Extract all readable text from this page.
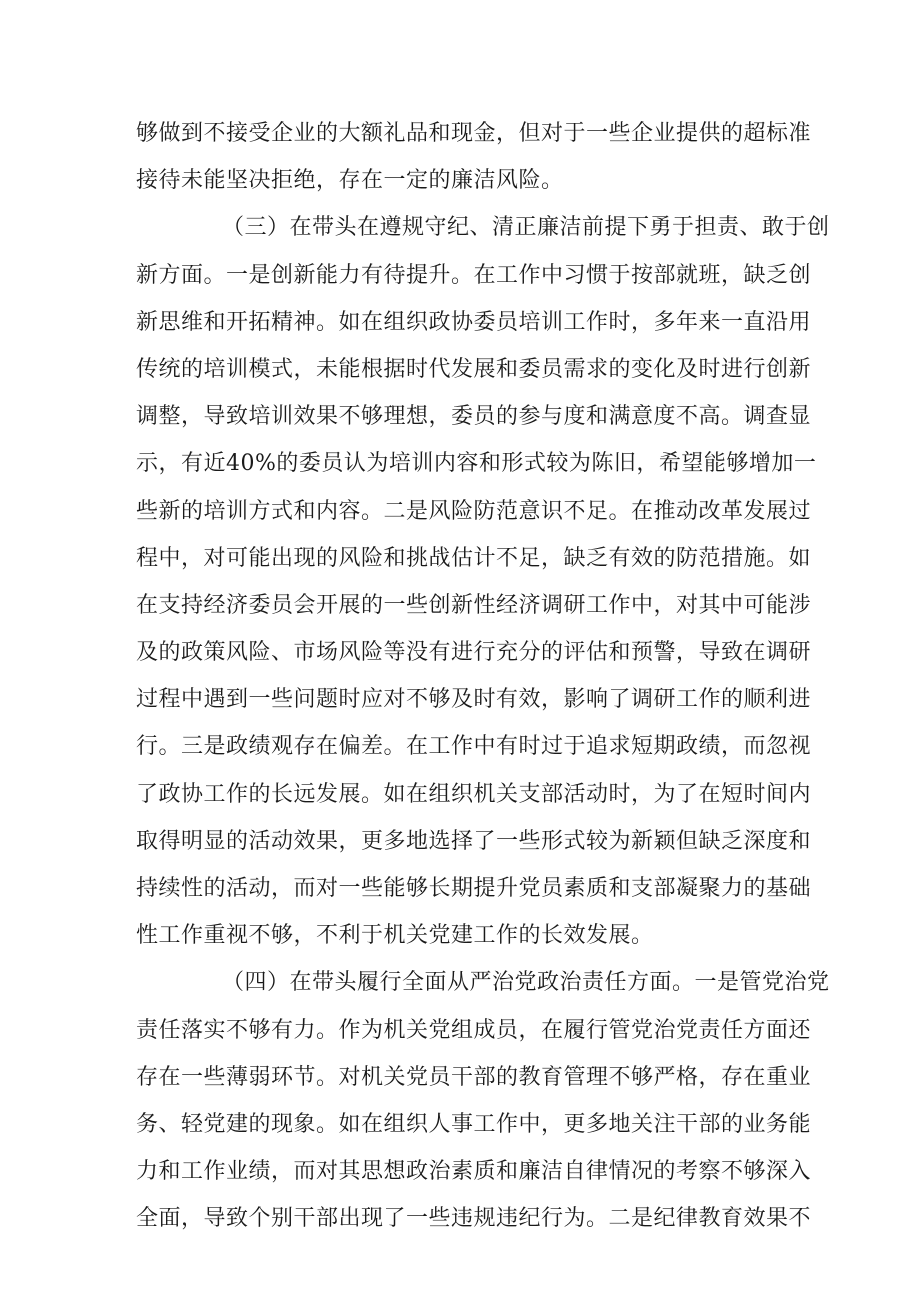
够做到不接受企业的大额礼品和现金，但对于一些企业提供的超标准
接待未能坚决拒绝，存在一定的廉洁风险。
（三）在带头在遵规守纪、清正廉洁前提下勇于担责、敢于创
新方面。一是创新能力有待提升。在工作中习惯于按部就班，缺乏创
新思维和开拓精神。如在组织政协委员培训工作时，多年来一直沿用
传统的培训模式，未能根据时代发展和委员需求的变化及时进行创新
调整，导致培训效果不够理想，委员的参与度和满意度不高。调查显
示，有近40%的委员认为培训内容和形式较为陈旧，希望能够增加一
些新的培训方式和内容。二是风险防范意识不足。在推动改革发展过
程中，对可能出现的风险和挑战估计不足，缺乏有效的防范措施。如
在支持经济委员会开展的一些创新性经济调研工作中，对其中可能涉
及的政策风险、市场风险等没有进行充分的评估和预警，导致在调研
过程中遇到一些问题时应对不够及时有效，影响了调研工作的顺利进
行。三是政绩观存在偏差。在工作中有时过于追求短期政绩，而忽视
了政协工作的长远发展。如在组织机关支部活动时，为了在短时间内
取得明显的活动效果，更多地选择了一些形式较为新颖但缺乏深度和
持续性的活动，而对一些能够长期提升党员素质和支部凝聚力的基础
性工作重视不够，不利于机关党建工作的长效发展。
（四）在带头履行全面从严治党政治责任方面。一是管党治党
责任落实不够有力。作为机关党组成员，在履行管党治党责任方面还
存在一些薄弱环节。对机关党员干部的教育管理不够严格，存在重业
务、轻党建的现象。如在组织人事工作中，更多地关注干部的业务能
力和工作业绩，而对其思想政治素质和廉洁自律情况的考察不够深入
全面，导致个别干部出现了一些违规违纪行为。二是纪律教育效果不
